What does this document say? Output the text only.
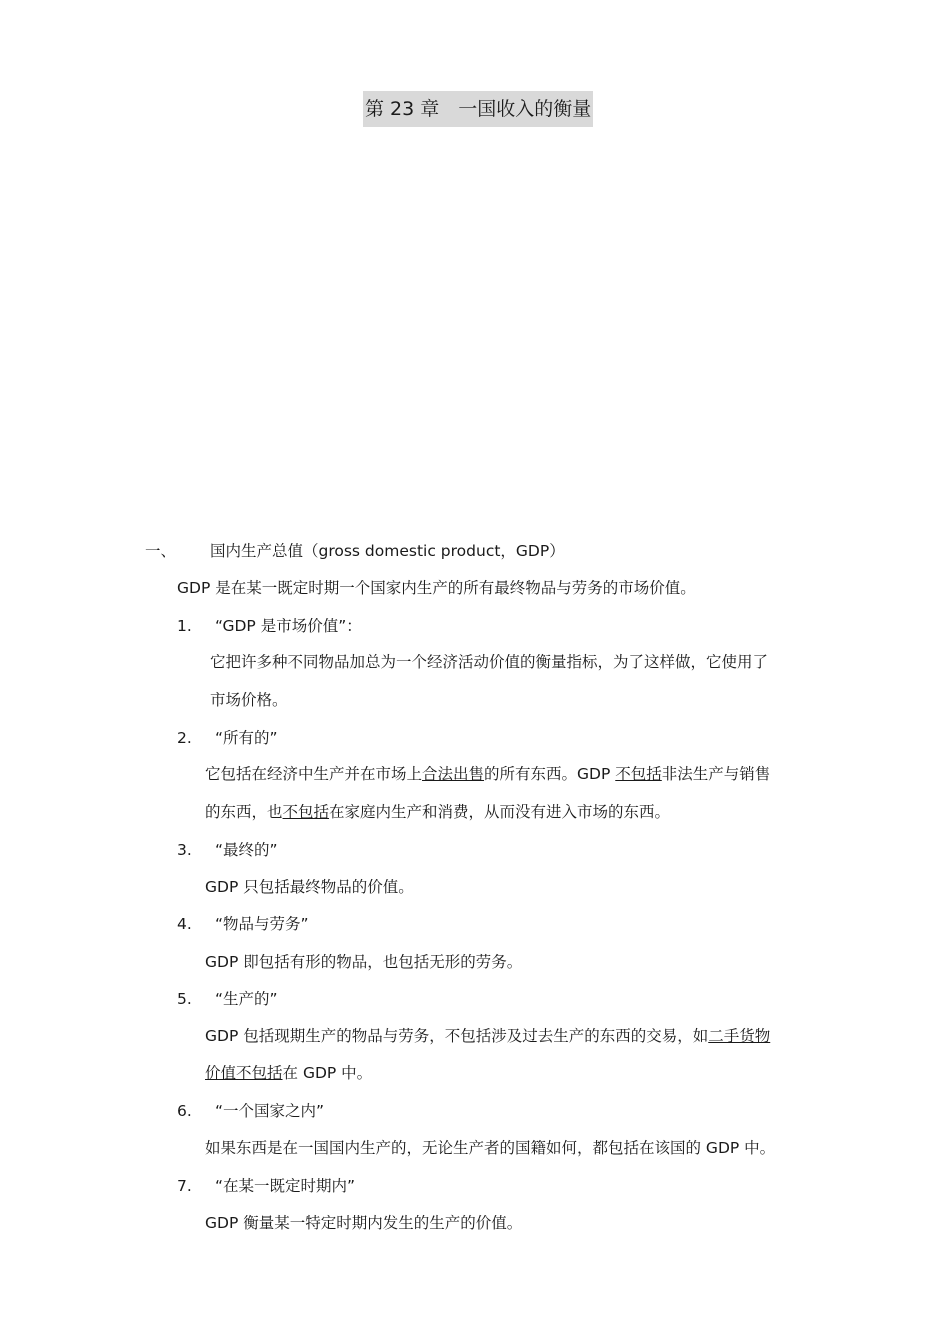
第 23 章　一国收入的衡量
一、 国内生产总值（gross domestic product，GDP）
GDP 是在某一既定时期一个国家内生产的所有最终物品与劳务的市场价值。
1. “GDP 是市场价值”：
它把许多种不同物品加总为一个经济活动价值的衡量指标，为了这样做，它使用了
市场价格。
2. “所有的”
它包括在经济中生产并在市场上合法出售的所有东西。GDP 不包括非法生产与销售
的东西，也不包括在家庭内生产和消费，从而没有进入市场的东西。
3. “最终的”
GDP 只包括最终物品的价值。
4. “物品与劳务”
GDP 即包括有形的物品，也包括无形的劳务。
5. “生产的”
GDP 包括现期生产的物品与劳务，不包括涉及过去生产的东西的交易，如二手货物
价值不包括在 GDP 中。
6. “一个国家之内”
如果东西是在一国国内生产的，无论生产者的国籍如何，都包括在该国的 GDP 中。
7. “在某一既定时期内”
GDP 衡量某一特定时期内发生的生产的价值。
